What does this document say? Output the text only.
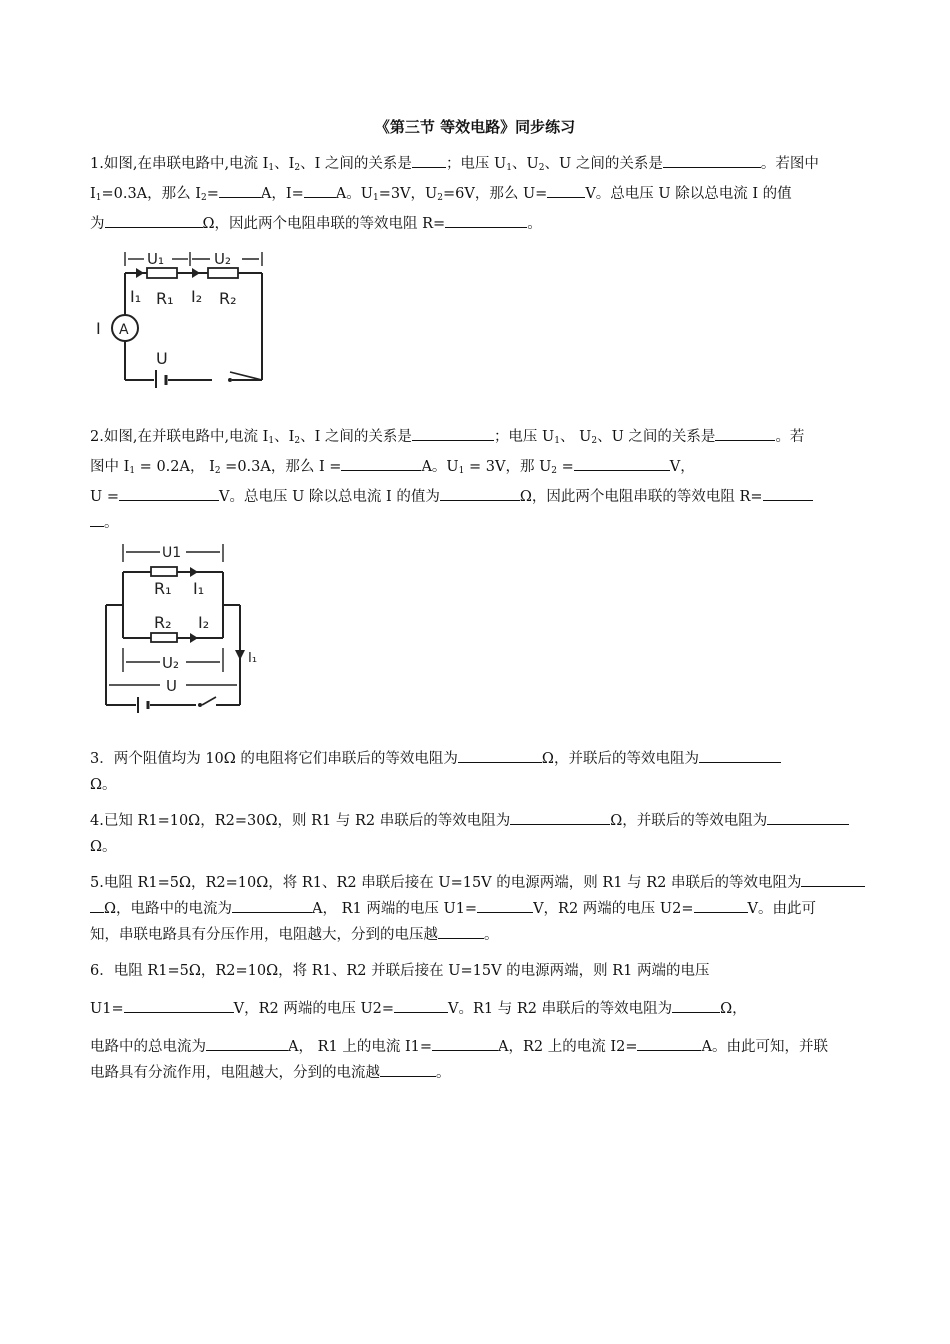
《第三节 等效电路》同步练习
1.如图,在串联电路中,电流 $I_1$、$I_2$、I 之间的关系是 ；电压 $U_1$、$U_2$、U 之间的关系是	。若图中
$I_1=0.3A$，那么 $I_2=$	A，I= A。$U_1=3V$，$U_2=6V$，那么 U=	V。总电压 U 除以总电流 I 的值
为	Ω，因此两个电阻串联的等效电阻 R=	。
U₁	U₂
I₁ R₁ I₂ R₂
I A
U
2.如图,在并联电路中,电流 $I_1$、$I_2$、I 之间的关系是	；电压 $U_1$、 $U_2$、U 之间的关系是	。若
图中 $I_1 = 0.2A$， $I_2 =0.3A$，那么 I =	A。$U_1 = 3V$，那 $U_2$ =	V，
U =	V。总电压 U 除以总电流 I 的值为	Ω，因此两个电阻串联的等效电阻 R=
。
U1
R₁ I₁
R₂ I₂
U₂
U
I₁
3．两个阻值均为 10Ω 的电阻将它们串联后的等效电阻为	Ω，并联后的等效电阻为
Ω。
4.已知 R1=10Ω，R2=30Ω，则 R1 与 R2 串联后的等效电阻为	Ω，并联后的等效电阻为
Ω。
5.电阻 R1=5Ω，R2=10Ω，将 R1、R2 串联后接在 U=15V 的电源两端，则 R1 与 R2 串联后的等效电阻为
Ω，电路中的电流为	A， R1 两端的电压 U1=	V，R2 两端的电压 U2=	V。由此可
知，串联电路具有分压作用，电阻越大，分到的电压越	。
6．电阻 R1=5Ω，R2=10Ω，将 R1、R2 并联后接在 U=15V 的电源两端，则 R1 两端的电压
U1=	V，R2 两端的电压 U2=	V。R1 与 R2 串联后的等效电阻为	Ω，
电路中的总电流为	A， R1 上的电流 I1=	A，R2 上的电流 I2=	A。由此可知，并联
电路具有分流作用，电阻越大，分到的电流越	。
